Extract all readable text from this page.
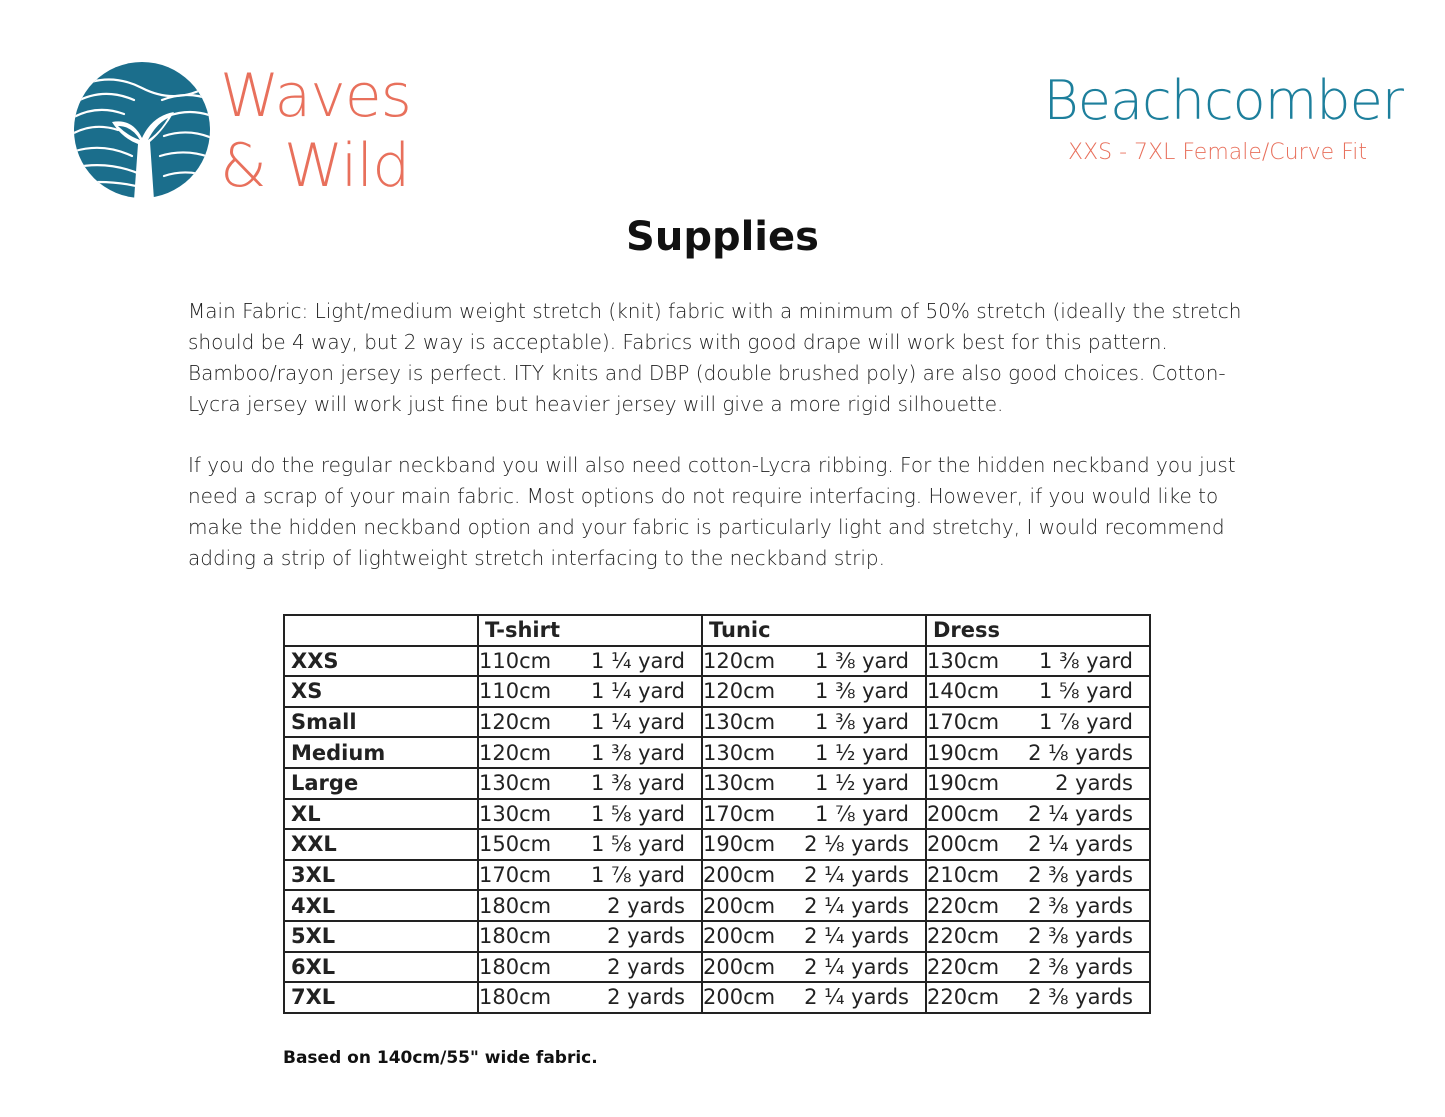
Waves
& Wild
Beachcomber
XXS - 7XL Female/Curve Fit
Supplies

Main Fabric: Light/medium weight stretch (knit) fabric with a minimum of 50% stretch (ideally the stretch should be 4 way, but 2 way is acceptable). Fabrics with good drape will work best for this pattern. Bamboo/rayon jersey is perfect. ITY knits and DBP (double brushed poly) are also good choices. Cotton-Lycra jersey will work just fine but heavier jersey will give a more rigid silhouette.

If you do the regular neckband you will also need cotton-Lycra ribbing. For the hidden neckband you just need a scrap of your main fabric. Most options do not require interfacing. However, if you would like to make the hidden neckband option and your fabric is particularly light and stretchy, I would recommend adding a strip of lightweight stretch interfacing to the neckband strip.

	T-shirt	Tunic	Dress
XXS	110cm 1 ¼ yard	120cm 1 ⅜ yard	130cm 1 ⅜ yard

XS	110cm 1 ¼ yard	120cm 1 ⅜ yard	140cm 1 ⅝ yard

Small	120cm 1 ¼ yard	130cm 1 ⅜ yard	170cm 1 ⅞ yard

Medium	120cm 1 ⅜ yard	130cm 1 ½ yard	190cm 2 ⅛ yards

Large	130cm 1 ⅜ yard	130cm 1 ½ yard	190cm 2 yards

XL	130cm 1 ⅝ yard	170cm 1 ⅞ yard	200cm 2 ¼ yards

XXL	150cm 1 ⅝ yard	190cm 2 ⅛ yards	200cm 2 ¼ yards

3XL	170cm 1 ⅞ yard	200cm 2 ¼ yards	210cm 2 ⅜ yards

4XL	180cm 2 yards	200cm 2 ¼ yards	220cm 2 ⅜ yards

5XL	180cm 2 yards	200cm 2 ¼ yards	220cm 2 ⅜ yards

6XL	180cm 2 yards	200cm 2 ¼ yards	220cm 2 ⅜ yards

7XL	180cm 2 yards	200cm 2 ¼ yards	220cm 2 ⅜ yards
Based on 140cm/55" wide fabric.
